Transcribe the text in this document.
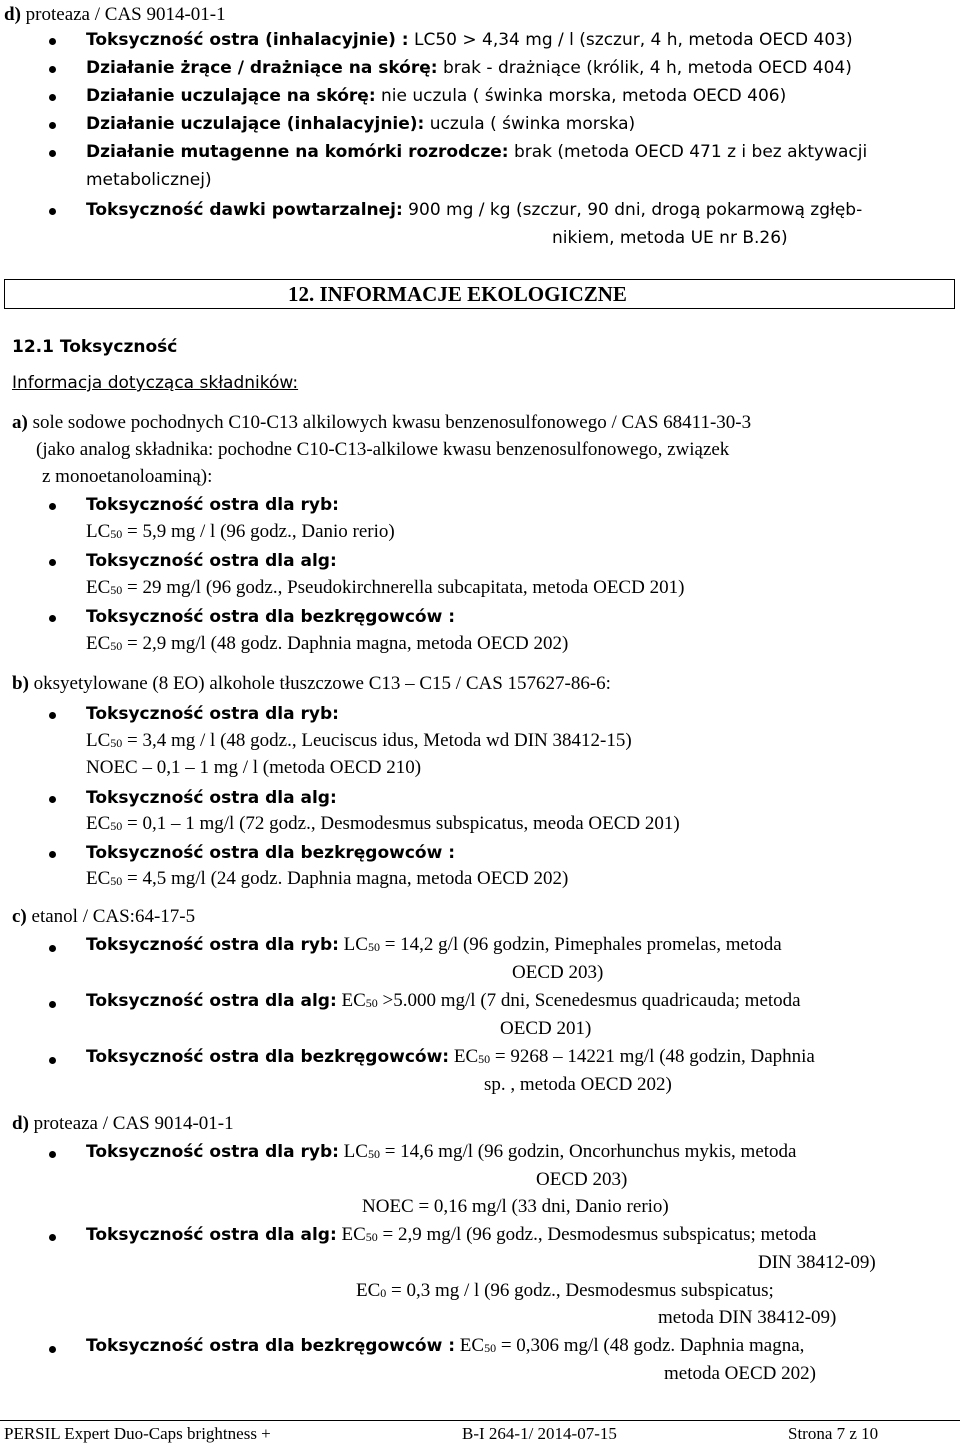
d) proteaza / CAS 9014-01-1
Toksyczność ostra (inhalacyjnie) : LC50 > 4,34 mg / l (szczur, 4 h, metoda OECD 403)
Działanie żrące / drażniące na skórę: brak - drażniące (królik, 4 h, metoda OECD 404)
Działanie uczulające na skórę: nie uczula ( świnka morska, metoda OECD 406)
Działanie uczulające (inhalacyjnie): uczula ( świnka morska)
Działanie mutagenne na komórki rozrodcze: brak (metoda OECD 471 z i bez aktywacji
metabolicznej)
Toksyczność dawki powtarzalnej: 900 mg / kg (szczur, 90 dni, drogą pokarmową zgłęb-
nikiem, metoda UE nr B.26)
12. INFORMACJE EKOLOGICZNE
12.1 Toksyczność
Informacja dotycząca składników:
a) sole sodowe pochodnych C10-C13 alkilowych kwasu benzenosulfonowego / CAS 68411-30-3
(jako analog składnika: pochodne C10-C13-alkilowe kwasu benzenosulfonowego, związek
z monoetanoloaminą):
Toksyczność ostra dla ryb:
LC50 = 5,9 mg / l (96 godz., Danio rerio)
Toksyczność ostra dla alg:
EC50 = 29 mg/l (96 godz., Pseudokirchnerella subcapitata, metoda OECD 201)
Toksyczność ostra dla bezkręgowców :
EC50 = 2,9 mg/l (48 godz. Daphnia magna, metoda OECD 202)
b) oksyetylowane (8 EO) alkohole tłuszczowe C13 – C15 / CAS 157627-86-6:
Toksyczność ostra dla ryb:
LC50 = 3,4 mg / l (48 godz., Leuciscus idus, Metoda wd DIN 38412-15)
NOEC – 0,1 – 1 mg / l (metoda OECD 210)
Toksyczność ostra dla alg:
EC50 = 0,1 – 1 mg/l (72 godz., Desmodesmus subspicatus, meoda OECD 201)
Toksyczność ostra dla bezkręgowców :
EC50 = 4,5 mg/l (24 godz. Daphnia magna, metoda OECD 202)
c) etanol / CAS:64-17-5
Toksyczność ostra dla ryb: LC50 = 14,2 g/l (96 godzin, Pimephales promelas, metoda
OECD 203)
Toksyczność ostra dla alg: EC50 >5.000 mg/l (7 dni, Scenedesmus quadricauda; metoda
OECD 201)
Toksyczność ostra dla bezkręgowców: EC50 = 9268 – 14221 mg/l (48 godzin, Daphnia
sp. , metoda OECD 202)
d) proteaza / CAS 9014-01-1
Toksyczność ostra dla ryb: LC50 = 14,6 mg/l (96 godzin, Oncorhunchus mykis, metoda
OECD 203)
NOEC = 0,16 mg/l (33 dni, Danio rerio)
Toksyczność ostra dla alg: EC50 = 2,9 mg/l (96 godz., Desmodesmus subspicatus; metoda
DIN 38412-09)
EC0 = 0,3 mg / l (96 godz., Desmodesmus subspicatus;
metoda DIN 38412-09)
Toksyczność ostra dla bezkręgowców : EC50 = 0,306 mg/l (48 godz. Daphnia magna,
metoda OECD 202)
PERSIL Expert Duo-Caps brightness +	B-I 264-1/ 2014-07-15	Strona 7 z 10
